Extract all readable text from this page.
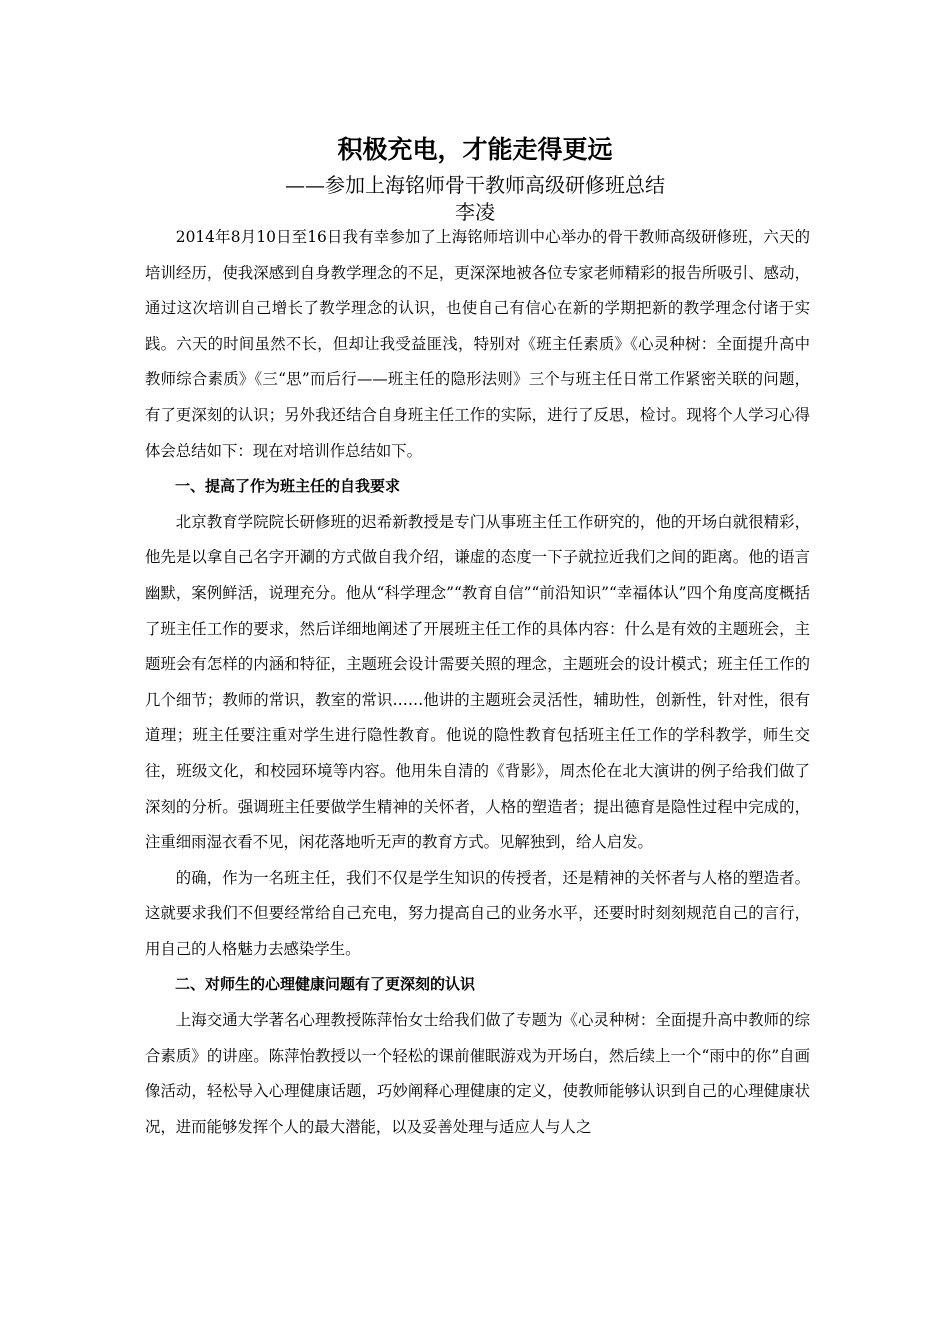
积极充电，才能走得更远
——参加上海铭师骨干教师高级研修班总结
李凌

2014年8月10日至16日我有幸参加了上海铭师培训中心举办的骨干教师高级研修班，六天的培训经历，使我深感到自身教学理念的不足，更深深地被各位专家老师精彩的报告所吸引、感动，通过这次培训自己增长了教学理念的认识，也使自己有信心在新的学期把新的教学理念付诸于实践。六天的时间虽然不长，但却让我受益匪浅，特别对《班主任素质》《心灵种树：全面提升高中教师综合素质》《三“思”而后行——班主任的隐形法则》三个与班主任日常工作紧密关联的问题，有了更深刻的认识；另外我还结合自身班主任工作的实际，进行了反思，检讨。现将个人学习心得体会总结如下：现在对培训作总结如下。

一、提高了作为班主任的自我要求

北京教育学院院长研修班的迟希新教授是专门从事班主任工作研究的，他的开场白就很精彩，他先是以拿自己名字开涮的方式做自我介绍，谦虚的态度一下子就拉近我们之间的距离。他的语言幽默，案例鲜活，说理充分。他从“科学理念”“教育自信”“前沿知识”“幸福体认”四个角度高度概括了班主任工作的要求，然后详细地阐述了开展班主任工作的具体内容：什么是有效的主题班会，主题班会有怎样的内涵和特征，主题班会设计需要关照的理念，主题班会的设计模式；班主任工作的几个细节；教师的常识，教室的常识……他讲的主题班会灵活性，辅助性，创新性，针对性，很有道理；班主任要注重对学生进行隐性教育。他说的隐性教育包括班主任工作的学科教学，师生交往，班级文化，和校园环境等内容。他用朱自清的《背影》，周杰伦在北大演讲的例子给我们做了深刻的分析。强调班主任要做学生精神的关怀者，人格的塑造者；提出德育是隐性过程中完成的，注重细雨湿衣看不见，闲花落地听无声的教育方式。见解独到，给人启发。

的确，作为一名班主任，我们不仅是学生知识的传授者，还是精神的关怀者与人格的塑造者。这就要求我们不但要经常给自己充电，努力提高自己的业务水平，还要时时刻刻规范自己的言行，用自己的人格魅力去感染学生。

二、对师生的心理健康问题有了更深刻的认识

上海交通大学著名心理教授陈萍怡女士给我们做了专题为《心灵种树：全面提升高中教师的综合素质》的讲座。陈萍怡教授以一个轻松的课前催眠游戏为开场白，然后续上一个“雨中的你”自画像活动，轻松导入心理健康话题，巧妙阐释心理健康的定义，使教师能够认识到自己的心理健康状况，进而能够发挥个人的最大潜能，以及妥善处理与适应人与人之
